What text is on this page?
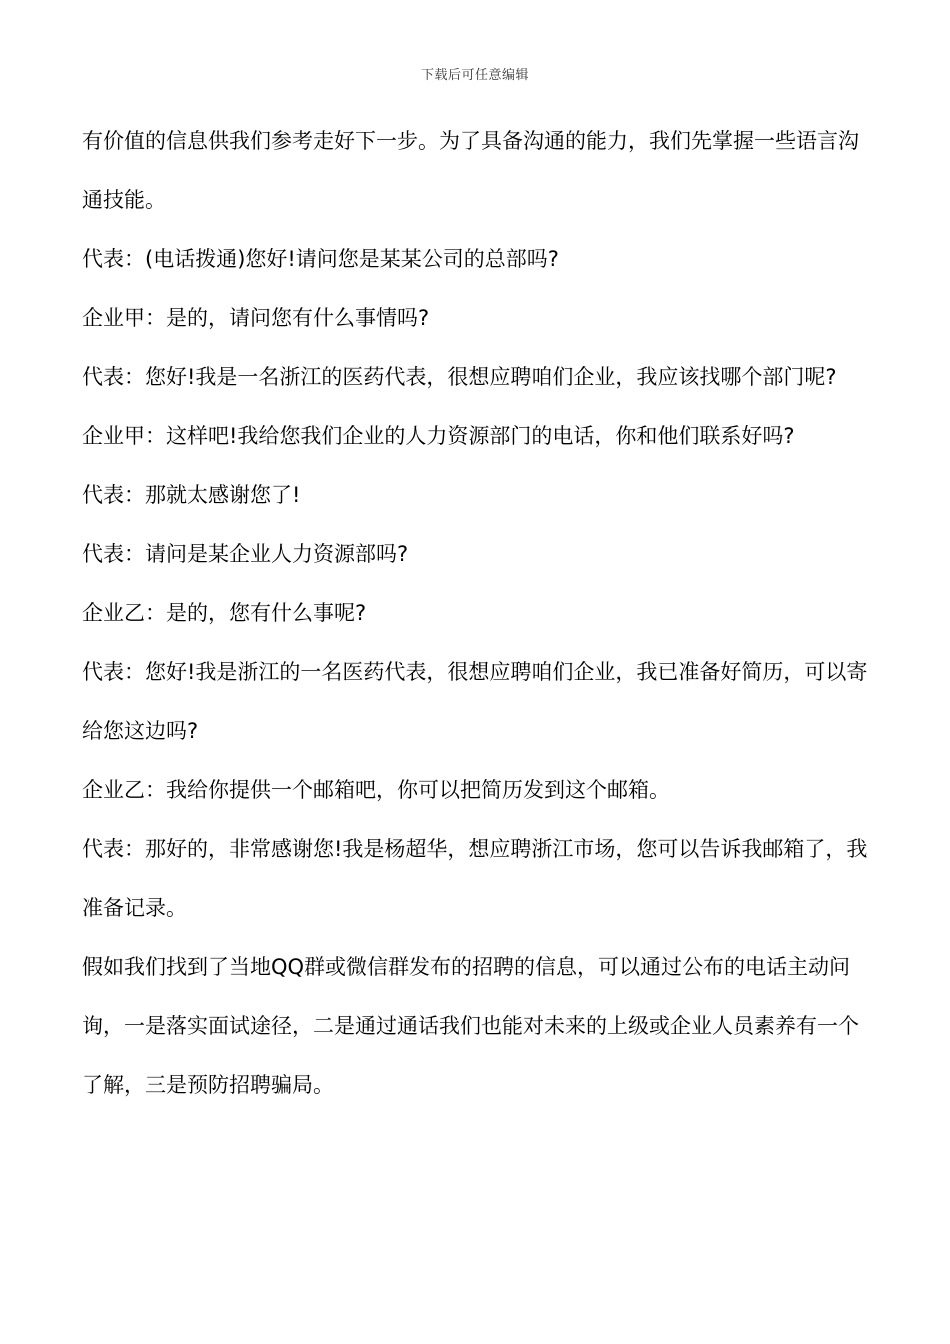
下载后可任意编辑

有价值的信息供我们参考走好下一步。为了具备沟通的能力，我们先掌握一些语言沟通技能。

代表：(电话拨通)您好!请问您是某某公司的总部吗?

企业甲：是的，请问您有什么事情吗?

代表：您好!我是一名浙江的医药代表，很想应聘咱们企业，我应该找哪个部门呢?

企业甲：这样吧!我给您我们企业的人力资源部门的电话，你和他们联系好吗?

代表：那就太感谢您了!

代表：请问是某企业人力资源部吗?

企业乙：是的，您有什么事呢?

代表：您好!我是浙江的一名医药代表，很想应聘咱们企业，我已准备好简历，可以寄给您这边吗?

企业乙：我给你提供一个邮箱吧，你可以把简历发到这个邮箱。

代表：那好的，非常感谢您!我是杨超华，想应聘浙江市场，您可以告诉我邮箱了，我准备记录。

假如我们找到了当地QQ群或微信群发布的招聘的信息，可以通过公布的电话主动问询，一是落实面试途径，二是通过通话我们也能对未来的上级或企业人员素养有一个了解，三是预防招聘骗局。
